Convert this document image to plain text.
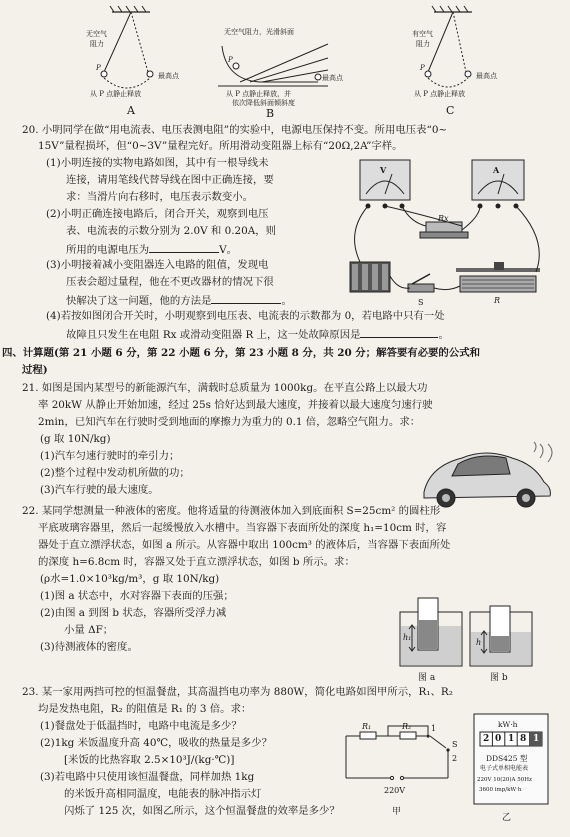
无空气
阻力
P
最高点
从 P 点静止释放
A
无空气阻力，光滑斜面
P
最高点
从 P 点静止释放，并
依次降低斜面倾斜度
B
有空气
阻力
P
最高点
从 P 点静止释放
C
20. 小明同学在做“用电流表、电压表测电阻”的实验中，电源电压保持不变。所用电压表“0~
15V”量程损坏，但“0~3V”量程完好。所用滑动变阻器上标有“20Ω,2A”字样。
(1)小明连接的实物电路如图，其中有一根导线未
连接，请用笔线代替导线在图中正确连接，要
求：当滑片向右移时，电压表示数变小。
(2)小明正确连接电路后，闭合开关，观察到电压
表、电流表的示数分别为 2.0V 和 0.20A，则
所用的电源电压为	V。
(3)小明接着减小变阻器连入电路的阻值，发现电
压表会超过量程，他在不更改器材的情况下很
快解决了这一问题，他的方法是	。
(4)若按如图闭合开关时，小明观察到电压表、电流表的示数都为 0，若电路中只有一处
故障且只发生在电阻 Rx 或滑动变阻器 R 上，这一处故障原因是	。
V	A
Rx
R
S
四、计算题(第 21 小题 6 分，第 22 小题 6 分，第 23 小题 8 分，共 20 分；解答要有必要的公式和
过程)
21. 如图是国内某型号的新能源汽车，满载时总质量为 1000kg。在平直公路上以最大功
率 20kW 从静止开始加速，经过 25s 恰好达到最大速度，并接着以最大速度匀速行驶
2min，已知汽车在行驶时受到地面的摩擦力为重力的 0.1 倍，忽略空气阻力。求：
(g 取 10N/kg)
(1)汽车匀速行驶时的牵引力；
(2)整个过程中发动机所做的功；
(3)汽车行驶的最大速度。
22. 某同学想测量一种液体的密度。他将适量的待测液体加入到底面积 S=25cm² 的圆柱形
平底玻璃容器里，然后一起缓慢放入水槽中。当容器下表面所处的深度 h₁=10cm 时，容
器处于直立漂浮状态，如图 a 所示。从容器中取出 100cm³ 的液体后，当容器下表面所处
的深度 h=6.8cm 时，容器又处于直立漂浮状态，如图 b 所示。求：
(ρ水=1.0×10³kg/m³，g 取 10N/kg)
(1)图 a 状态中，水对容器下表面的压强；
(2)由图 a 到图 b 状态，容器所受浮力减
小量 ΔF；
(3)待测液体的密度。
h₁
h
图 a	图 b
23. 某一家用两挡可控的恒温餐盘，其高温挡电功率为 880W，简化电路如图甲所示，R₁、R₂
均是发热电阻，R₂ 的阻值是 R₁ 的 3 倍。求：
(1)餐盘处于低温挡时，电路中电流是多少？
(2)1kg 米饭温度升高 40℃，吸收的热量是多少？
[米饭的比热容取 2.5×10³J/(kg·℃)]
(3)若电路中只使用该恒温餐盘，同样加热 1kg
的米饭升高相同温度，电能表的脉冲指示灯
闪烁了 125 次，如图乙所示，这个恒温餐盘的效率是多少？
R₁	R₂
S
1
2
220V
甲
乙
kW·h
2 0 1 8 1
DDS425 型
电子式单相电能表
220V 10(20)A 50Hz
3600 imp/kW·h
